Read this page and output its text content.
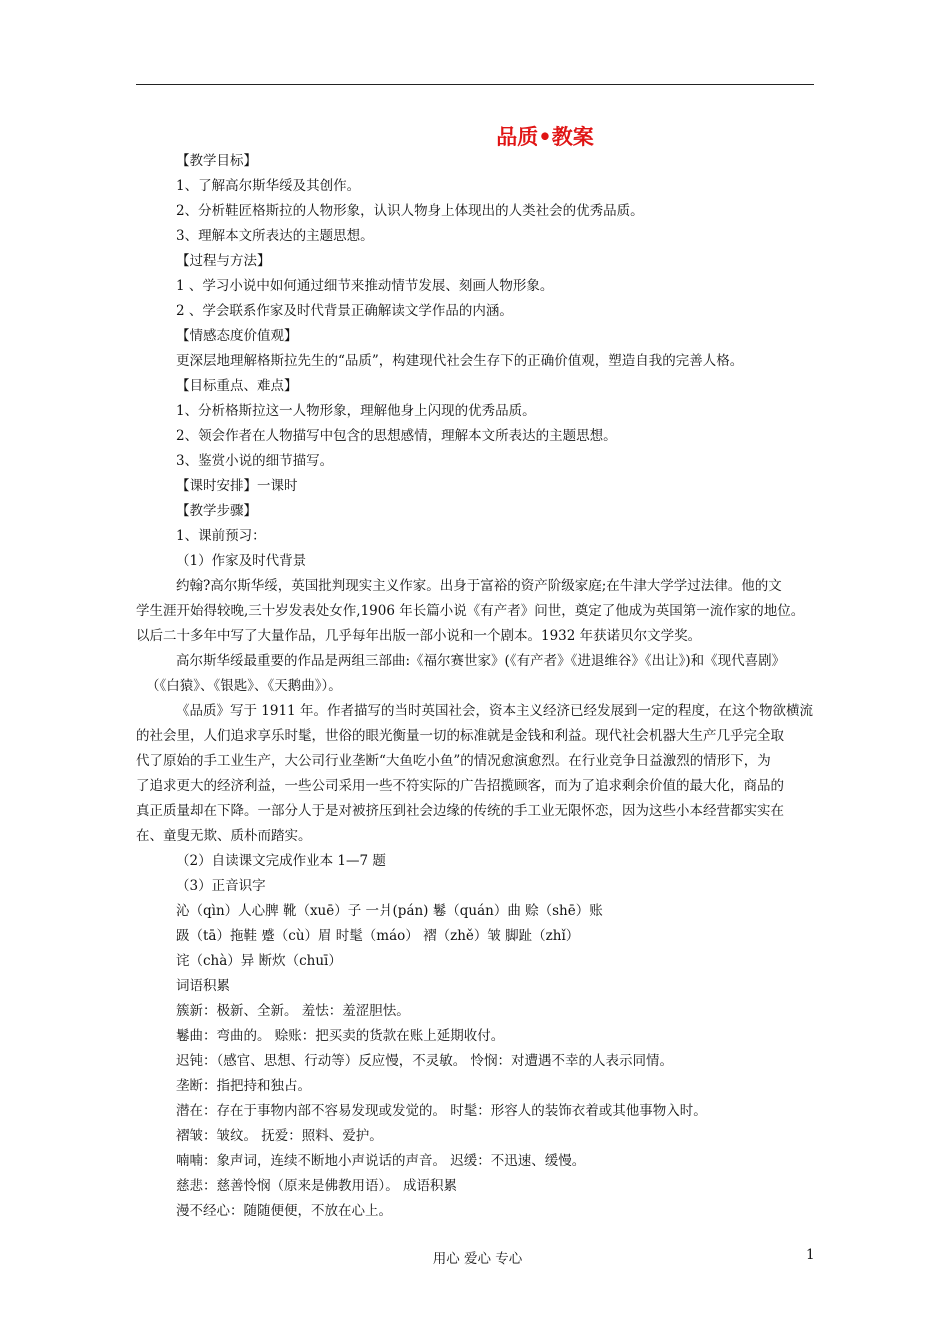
品质•教案

【教学目标】

1、了解高尔斯华绥及其创作。

2、分析鞋匠格斯拉的人物形象，认识人物身上体现出的人类社会的优秀品质。

3、理解本文所表达的主题思想。

【过程与方法】

1 、学习小说中如何通过细节来推动情节发展、刻画人物形象。

2 、学会联系作家及时代背景正确解读文学作品的内涵。

【情感态度价值观】

更深层地理解格斯拉先生的“品质”，构建现代社会生存下的正确价值观，塑造自我的完善人格。

【目标重点、难点】

1、分析格斯拉这一人物形象，理解他身上闪现的优秀品质。

2、领会作者在人物描写中包含的思想感情，理解本文所表达的主题思想。

3、鉴赏小说的细节描写。

【课时安排】一课时

【教学步骤】

1、课前预习：

（1）作家及时代背景

约翰?高尔斯华绥，英国批判现实主义作家。出身于富裕的资产阶级家庭;在牛津大学学过法律。他的文

学生涯开始得较晚,三十岁发表处女作,1906 年长篇小说《有产者》问世，奠定了他成为英国第一流作家的地位。

以后二十多年中写了大量作品，几乎每年出版一部小说和一个剧本。1932 年获诺贝尔文学奖。

高尔斯华绥最重要的作品是两组三部曲:《福尔赛世家》(《有产者》《进退维谷》《出让》)和《现代喜剧》

（《白猿》、《银匙》、《天鹅曲》）。

《品质》写于 1911 年。作者描写的当时英国社会，资本主义经济已经发展到一定的程度，在这个物欲横流

的社会里，人们追求享乐时髦，世俗的眼光衡量一切的标准就是金钱和利益。现代社会机器大生产几乎完全取

代了原始的手工业生产，大公司行业垄断“大鱼吃小鱼”的情况愈演愈烈。在行业竞争日益激烈的情形下，为

了追求更大的经济利益，一些公司采用一些不符实际的广告招揽顾客，而为了追求剩余价值的最大化，商品的

真正质量却在下降。一部分人于是对被挤压到社会边缘的传统的手工业无限怀恋，因为这些小本经营都实实在

在、童叟无欺、质朴而踏实。

（2）自读课文完成作业本 1—7 题

（3）正音识字

沁（qìn）人心脾 靴（xuē）子 一爿(pán) 鬈（quán）曲 赊（shē）账

趿（tā）拖鞋 蹙（cù）眉 时髦（máo） 褶（zhě）皱 脚趾（zhǐ）

诧（chà）异 断炊（chuī）

词语积累

簇新：极新、全新。 羞怯：羞涩胆怯。

鬈曲：弯曲的。 赊账：把买卖的货款在账上延期收付。

迟钝：（感官、思想、行动等）反应慢，不灵敏。 怜悯：对遭遇不幸的人表示同情。

垄断：指把持和独占。

潜在：存在于事物内部不容易发现或发觉的。 时髦：形容人的装饰衣着或其他事物入时。

褶皱：皱纹。 抚爱：照料、爱护。

喃喃：象声词，连续不断地小声说话的声音。 迟缓：不迅速、缓慢。

慈悲：慈善怜悯（原来是佛教用语）。 成语积累

漫不经心：随随便便，不放在心上。

用心 爱心 专心	1
